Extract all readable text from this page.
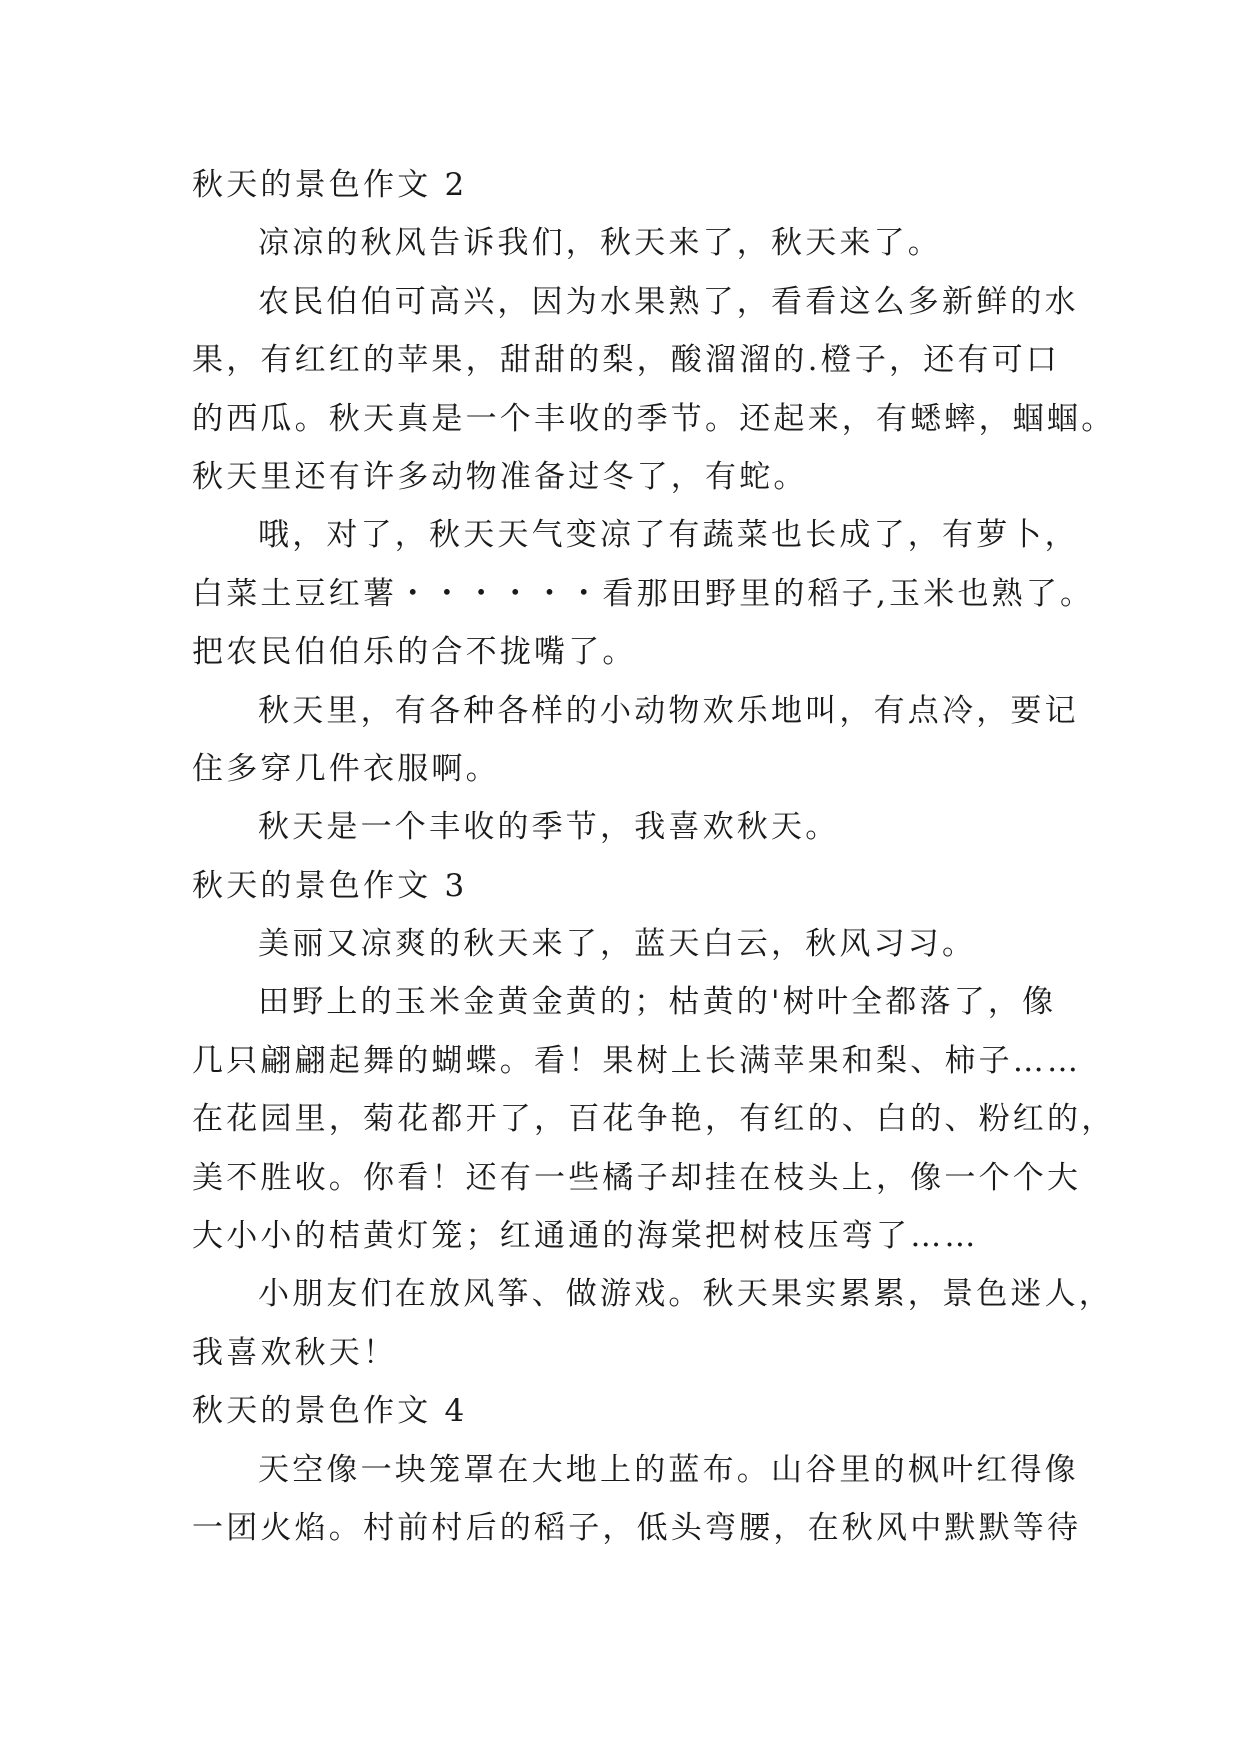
秋天的景色作文 2
凉凉的秋风告诉我们，秋天来了，秋天来了。
农民伯伯可高兴，因为水果熟了，看看这么多新鲜的水
果，有红红的苹果，甜甜的梨，酸溜溜的.橙子，还有可口
的西瓜。秋天真是一个丰收的季节。还起来，有蟋蟀，蝈蝈。
秋天里还有许多动物准备过冬了，有蛇。
哦，对了，秋天天气变凉了有蔬菜也长成了，有萝卜，
白菜土豆红薯・・・・・・看那田野里的稻子,玉米也熟了。
把农民伯伯乐的合不拢嘴了。
秋天里，有各种各样的小动物欢乐地叫，有点冷，要记
住多穿几件衣服啊。
秋天是一个丰收的季节，我喜欢秋天。
秋天的景色作文 3
美丽又凉爽的秋天来了，蓝天白云，秋风习习。
田野上的玉米金黄金黄的；枯黄的'树叶全都落了，像
几只翩翩起舞的蝴蝶。看！果树上长满苹果和梨、柿子……
在花园里，菊花都开了，百花争艳，有红的、白的、粉红的，
美不胜收。你看！还有一些橘子却挂在枝头上，像一个个大
大小小的桔黄灯笼；红通通的海棠把树枝压弯了……
小朋友们在放风筝、做游戏。秋天果实累累，景色迷人，
我喜欢秋天！
秋天的景色作文 4
天空像一块笼罩在大地上的蓝布。山谷里的枫叶红得像
一团火焰。村前村后的稻子，低头弯腰，在秋风中默默等待
